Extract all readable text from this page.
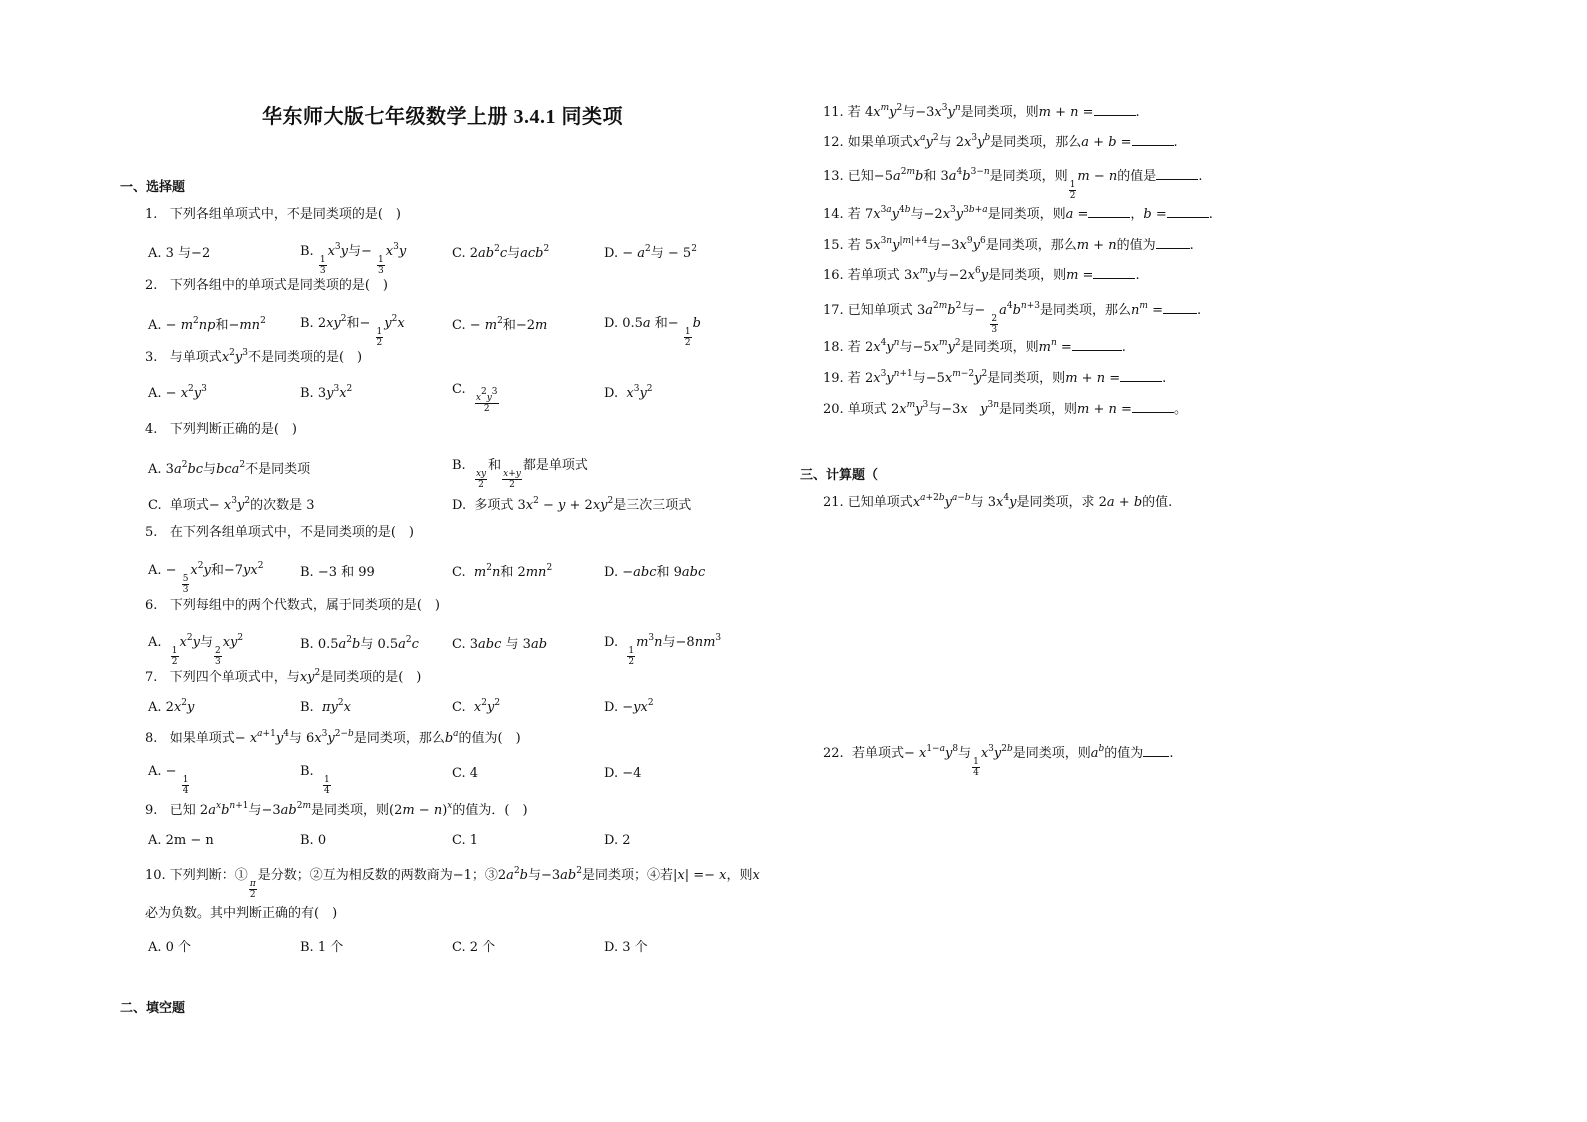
华东师大版七年级数学上册 3.4.1 同类项
一、选择题
1.   下列各组单项式中，不是同类项的是( )
A. 3 与−2	B.
$\frac{1}{3}$
$x^3y$与−
$\frac{1}{3}$
$x^3y$	C. $2ab^2c$与acb$^2$	D. − $a^2$与 − $5^2$
2.   下列各组中的单项式是同类项的是( )
A. − $m^2np$和$-mn^2$	B. $2xy^2$和−
$\frac{1}{2}$
$y^2x$	C. − $m^2$和−2m	D. 0.5a 和−
$\frac{1}{2}$
b
3.   与单项式$x^2y^3$不是同类项的是( )
A. − $x^2y^3$	B. $3y^3x^2$	C.
$\frac{x^2y^3}{2}$	D.  $x^3y^2$
4.   下列判断正确的是( )
A. $3a^2bc$与bca$^2$不是同类项	B.
$\frac{xy}{2}$
和
$\frac{x+y}{2}$
都是单项式
C.  单项式− $x^3y^2$的次数是 3	D.  多项式 $3x^2 - y + 2xy^2$是三次三项式
5.   在下列各组单项式中，不是同类项的是( )
A. −
$\frac{5}{3}$
$x^2y$和$-7yx^2$	B. −3 和 99	C.  $m^2n$和 $2mn^2$	D. −abc和 9abc
6.   下列每组中的两个代数式，属于同类项的是( )
A.
$\frac{1}{2}$
$x^2y$与
$\frac{2}{3}$
$xy^2$	B. $0.5a^2b$与 $0.5a^2c$	C. 3abc 与 3ab	D.
$\frac{1}{2}$
$m^3n$与$-8nm^3$
7.   下列四个单项式中，与$xy^2$是同类项的是( )
A. $2x^2y$	B.  $\pi y^2x$	C.  $x^2y^2$	D. $-yx^2$
8.   如果单项式− $x^{a+1}y^4$与 $6x^3y^{2-b}$是同类项，那么$b^a$的值为( )
A. −
$\frac{1}{4}$
B.
$\frac{1}{4}$
C. 4	D. −4
9.   已知 $2a^xb^{n+1}$与$-3ab^{2m}$是同类项，则$(2m - n)^x$的值为．( )
A. 2m − n	B. 0	C. 1	D. 2
10. 下列判断：①
$\frac{\pi}{2}$
是分数；②互为相反数的两数商为−1；$③2a^2b$与$-3ab^2$是同类项；④若|x| =− x，则x
必为负数。其中判断正确的有( )
A. 0 个	B. 1 个	C. 2 个	D. 3 个
二、填空题
11. 若 $4x^my^2$与$-3x^3y^n$是同类项，则m + n =	.
12. 如果单项式$x^ay^2$与 $2x^3y^b$是同类项，那么a + b =	.
13. 已知$-5a^{2m}b$和 $3a^4b^{3-n}$是同类项，则
$\frac{1}{2}$
m − n的值是	.
14. 若 $7x^{3a}y^{4b}$与$-2x^3y^{3b+a}$是同类项，则a =	，b =	.
15. 若 $5x^{3n}y^{|m|+4}$与$-3x^9y^6$是同类项，那么m + n的值为	.
16. 若单项式 $3x^my$与$-2x^6y$是同类项，则m =	.
17. 已知单项式 $3a^{2m}b^2$与−
$\frac{2}{3}$
$a^4b^{n+3}$是同类项，那么$n^m$ =	.
18. 若 $2x^4y^n$与$-5x^my^2$是同类项，则$m^n$ =	.
19. 若 $2x^3y^{n+1}$与$-5x^{m-2}y^2$是同类项，则m + n =	.
20. 单项式 $2x^my^3$与−3x $y^{3n}$是同类项，则m + n =	。
三、计算题（
21. 已知单项式$x^{a+2b}y^{a-b}$与 $3x^4y$是同类项，求 2a + b的值.
22.  若单项式− $x^{1-a}y^8$与
$\frac{1}{4}$
$x^3y^{2b}$是同类项，则$a^b$的值为 .
